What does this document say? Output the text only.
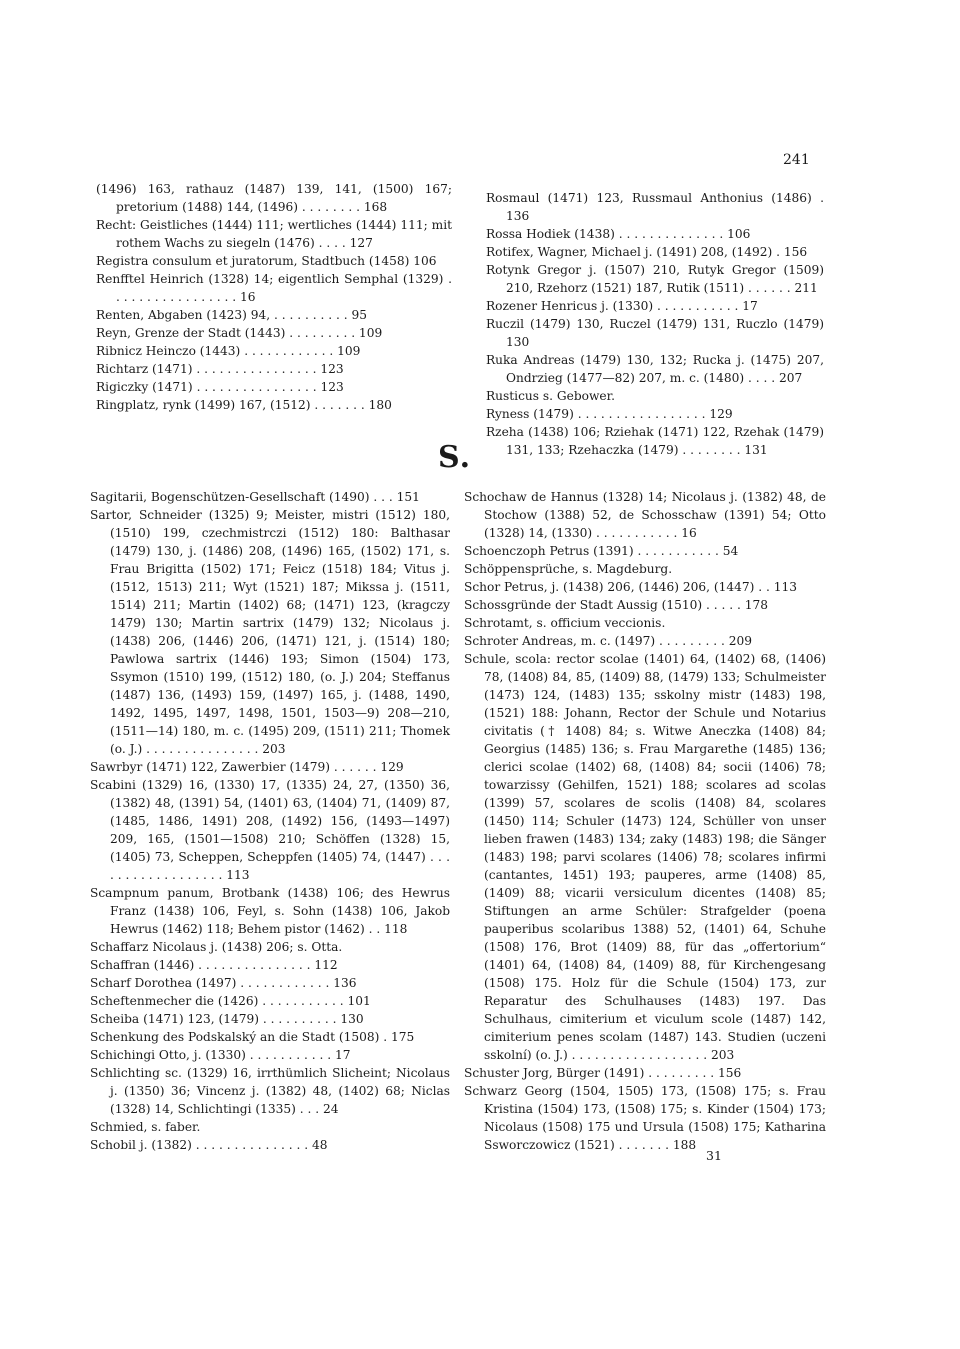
241

(1496) 163, rathauz (1487) 139, 141, (1500) 167; pretorium (1488) 144, (1496) . . . . . . . . 168

Recht: Geistliches (1444) 111; wertliches (1444) 111; mit rothem Wachs zu siegeln (1476) . . . . 127

Registra consulum et juratorum, Stadtbuch (1458) 106

Renfftel Heinrich (1328) 14; eigentlich Semphal (1329) . . . . . . . . . . . . . . . . . 16

Renten, Abgaben (1423) 94, . . . . . . . . . . 95

Reyn, Grenze der Stadt (1443) . . . . . . . . . 109

Ribnicz Heinczo (1443) . . . . . . . . . . . . 109

Richtarz (1471) . . . . . . . . . . . . . . . . 123

Rigiczky (1471) . . . . . . . . . . . . . . . . 123

Ringplatz, rynk (1499) 167, (1512) . . . . . . . 180

Rosmaul (1471) 123, Russmaul Anthonius (1486) . 136

Rossa Hodiek (1438) . . . . . . . . . . . . . . 106

Rotifex, Wagner, Michael j. (1491) 208, (1492) . 156

Rotynk Gregor j. (1507) 210, Rutyk Gregor (1509) 210, Rzehorz (1521) 187, Rutik (1511) . . . . . . 211

Rozener Henricus j. (1330) . . . . . . . . . . . 17

Ruczil (1479) 130, Ruczel (1479) 131, Ruczlo (1479) 130

Ruka Andreas (1479) 130, 132; Rucka j. (1475) 207, Ondrzieg (1477—82) 207, m. c. (1480) . . . . 207

Rusticus s. Gebower.

Ryness (1479) . . . . . . . . . . . . . . . . . 129

Rzeha (1438) 106; Rziehak (1471) 122, Rzehak (1479) 131, 133; Rzehaczka (1479) . . . . . . . . 131

S.

Sagitarii, Bogenschützen-Gesellschaft (1490) . . . 151

Sartor, Schneider (1325) 9; Meister, mistri (1512) 180, (1510) 199, czechmistrczi (1512) 180: Balthasar (1479) 130, j. (1486) 208, (1496) 165, (1502) 171, s. Frau Brigitta (1502) 171; Feicz (1518) 184; Vitus j. (1512, 1513) 211; Wyt (1521) 187; Mikssa j. (1511, 1514) 211; Martin (1402) 68; (1471) 123, (kragczy 1479) 130; Martin sartrix (1479) 132; Nicolaus j. (1438) 206, (1446) 206, (1471) 121, j. (1514) 180; Pawlowa sartrix (1446) 193; Simon (1504) 173, Ssymon (1510) 199, (1512) 180, (o. J.) 204; Steffanus (1487) 136, (1493) 159, (1497) 165, j. (1488, 1490, 1492, 1495, 1497, 1498, 1501, 1503—9) 208—210, (1511—14) 180, m. c. (1495) 209, (1511) 211; Thomek (o. J.) . . . . . . . . . . . . . . . 203

Sawrbyr (1471) 122, Zawerbier (1479) . . . . . . 129

Scabini (1329) 16, (1330) 17, (1335) 24, 27, (1350) 36, (1382) 48, (1391) 54, (1401) 63, (1404) 71, (1409) 87, (1485, 1486, 1491) 208, (1492) 156, (1493—1497) 209, 165, (1501—1508) 210; Schöffen (1328) 15, (1405) 73, Scheppen, Scheppfen (1405) 74, (1447) . . . . . . . . . . . . . . . . . . 113

Scampnum panum, Brotbank (1438) 106; des Hewrus Franz (1438) 106, Feyl, s. Sohn (1438) 106, Jakob Hewrus (1462) 118; Behem pistor (1462) . . 118

Schaffarz Nicolaus j. (1438) 206; s. Otta.

Schaffran (1446) . . . . . . . . . . . . . . . 112

Scharf Dorothea (1497) . . . . . . . . . . . . 136

Scheftenmecher die (1426) . . . . . . . . . . . 101

Scheiba (1471) 123, (1479) . . . . . . . . . . 130

Schenkung des Podskalský an die Stadt (1508) . 175

Schichingi Otto, j. (1330) . . . . . . . . . . . 17

Schlichting sc. (1329) 16, irrthümlich Slicheint; Nicolaus j. (1350) 36; Vincenz j. (1382) 48, (1402) 68; Niclas (1328) 14, Schlichtingi (1335) . . . 24

Schmied, s. faber.

Schobil j. (1382) . . . . . . . . . . . . . . . 48

Schochaw de Hannus (1328) 14; Nicolaus j. (1382) 48, de Stochow (1388) 52, de Schosschaw (1391) 54; Otto (1328) 14, (1330) . . . . . . . . . . . 16

Schoenczoph Petrus (1391) . . . . . . . . . . . 54

Schöppensprüche, s. Magdeburg.

Schor Petrus, j. (1438) 206, (1446) 206, (1447) . . 113

Schossgründe der Stadt Aussig (1510) . . . . . 178

Schrotamt, s. officium veccionis.

Schroter Andreas, m. c. (1497) . . . . . . . . . 209

Schule, scola: rector scolae (1401) 64, (1402) 68, (1406) 78, (1408) 84, 85, (1409) 88, (1479) 133; Schulmeister (1473) 124, (1483) 135; sskolny mistr (1483) 198, (1521) 188: Johann, Rector der Schule und Notarius civitatis († 1408) 84; s. Witwe Aneczka (1408) 84; Georgius (1485) 136; s. Frau Margarethe (1485) 136; clerici scolae (1402) 68, (1408) 84; socii (1406) 78; towarzissy (Gehilfen, 1521) 188; scolares ad scolas (1399) 57, scolares de scolis (1408) 84, scolares (1450) 114; Schuler (1473) 124, Schüller von unser lieben frawen (1483) 134; zaky (1483) 198; die Sänger (1483) 198; parvi scolares (1406) 78; scolares infirmi (cantantes, 1451) 193; pauperes, arme (1408) 85, (1409) 88; vicarii versiculum dicentes (1408) 85; Stiftungen an arme Schüler: Strafgelder (poena pauperibus scolaribus 1388) 52, (1401) 64, Schuhe (1508) 176, Brot (1409) 88, für das „offertorium“ (1401) 64, (1408) 84, (1409) 88, für Kirchengesang (1508) 175. Holz für die Schule (1504) 173, zur Reparatur des Schulhauses (1483) 197. Das Schulhaus, cimiterium et viculum scole (1487) 142, cimiterium penes scolam (1487) 143. Studien (uczeni sskolní) (o. J.) . . . . . . . . . . . . . . . . . . 203

Schuster Jorg, Bürger (1491) . . . . . . . . . 156

Schwarz Georg (1504, 1505) 173, (1508) 175; s. Frau Kristina (1504) 173, (1508) 175; s. Kinder (1504) 173; Nicolaus (1508) 175 und Ursula (1508) 175; Katharina Ssworczowicz (1521) . . . . . . . 188

31
